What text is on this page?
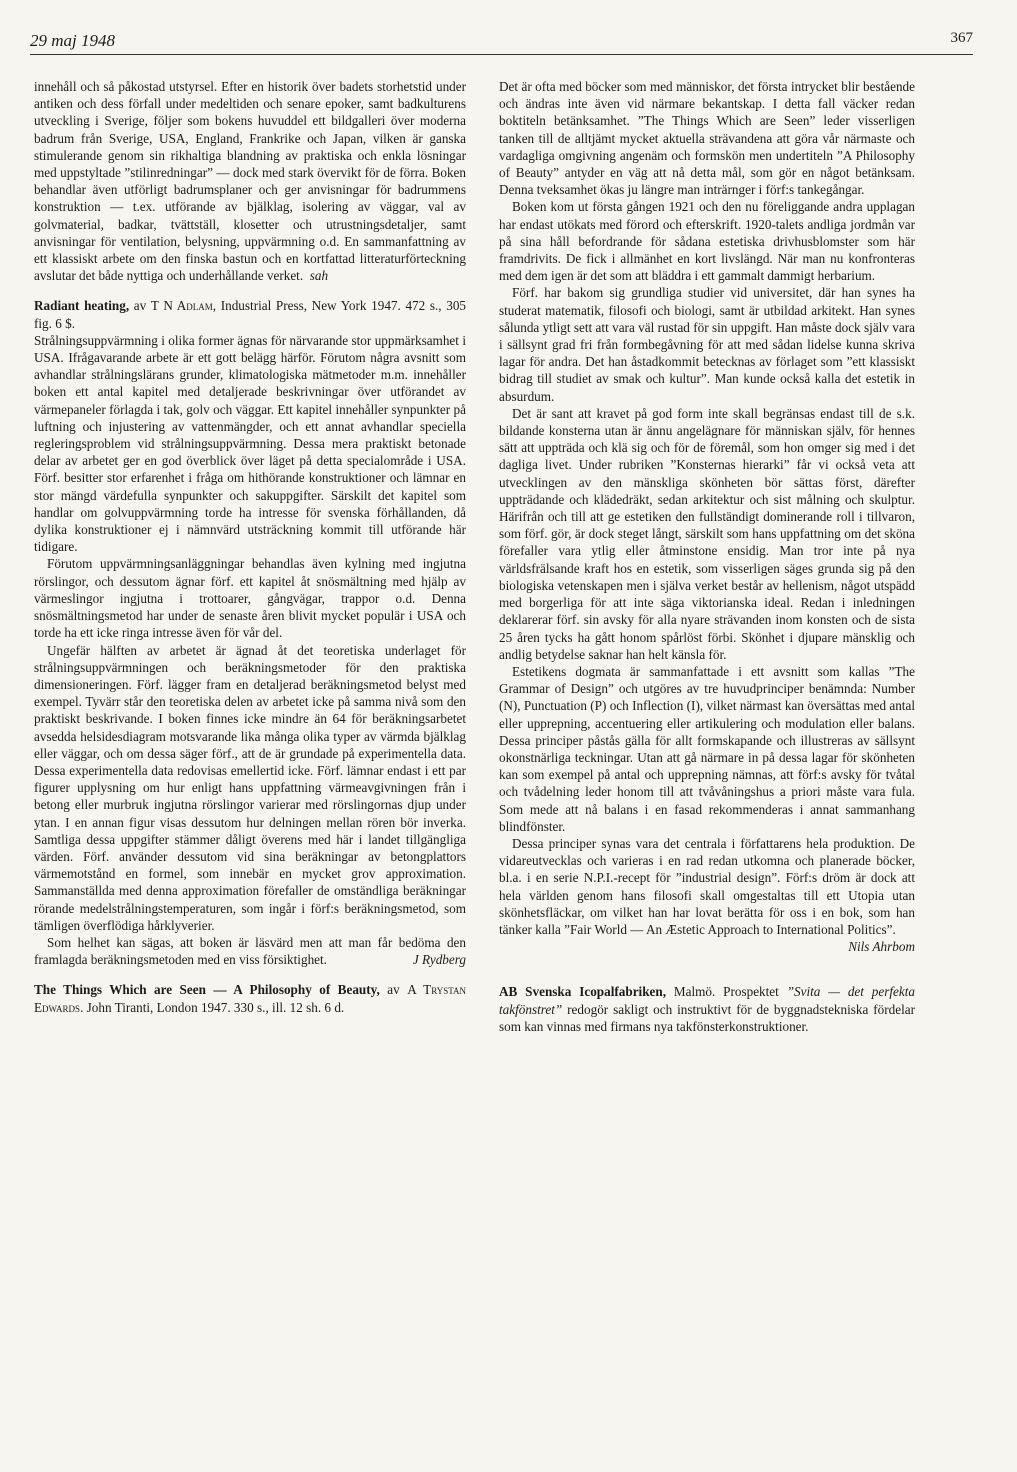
29 maj 1948	367

innehåll och så påkostad utstyrsel. Efter en historik över badets storhetstid under antiken och dess förfall under medeltiden och senare epoker, samt badkulturens utveckling i Sverige, följer som bokens huvuddel ett bildgalleri över moderna badrum från Sverige, USA, England, Frankrike och Japan, vilken är ganska stimulerande genom sin rikhaltiga blandning av praktiska och enkla lösningar med uppstyltade ”stilinredningar” — dock med stark övervikt för de förra. Boken behandlar även utförligt badrumsplaner och ger anvisningar för badrummens konstruktion — t.ex. utförande av bjälklag, isolering av väggar, val av golvmaterial, badkar, tvättställ, klosetter och utrustningsdetaljer, samt anvisningar för ventilation, belysning, uppvärmning o.d. En sammanfattning av ett klassiskt arbete om den finska bastun och en kortfattad litteraturförteckning avslutar det både nyttiga och underhållande verket. sah

Radiant heating, av T N Adlam, Industrial Press, New York 1947. 472 s., 305 fig. 6 $.

Strålningsuppvärmning i olika former ägnas för närvarande stor uppmärksamhet i USA. Ifrågavarande arbete är ett gott belägg härför. Förutom några avsnitt som avhandlar strålningslärans grunder, klimatologiska mätmetoder m.m. innehåller boken ett antal kapitel med detaljerade beskrivningar över utförandet av värmepaneler förlagda i tak, golv och väggar. Ett kapitel innehåller synpunkter på luftning och injustering av vattenmängder, och ett annat avhandlar speciella regleringsproblem vid strålningsuppvärmning. Dessa mera praktiskt betonade delar av arbetet ger en god överblick över läget på detta specialområde i USA. Förf. besitter stor erfarenhet i fråga om hithörande konstruktioner och lämnar en stor mängd värdefulla synpunkter och sakuppgifter. Särskilt det kapitel som handlar om golvuppvärmning torde ha intresse för svenska förhållanden, då dylika konstruktioner ej i nämnvärd utsträckning kommit till utförande här tidigare.

Förutom uppvärmningsanläggningar behandlas även kylning med ingjutna rörslingor, och dessutom ägnar förf. ett kapitel åt snösmältning med hjälp av värmeslingor ingjutna i trottoarer, gångvägar, trappor o.d. Denna snösmältningsmetod har under de senaste åren blivit mycket populär i USA och torde ha ett icke ringa intresse även för vår del.

Ungefär hälften av arbetet är ägnad åt det teoretiska underlaget för strålningsuppvärmningen och beräkningsmetoder för den praktiska dimensioneringen. Förf. lägger fram en detaljerad beräkningsmetod belyst med exempel. Tyvärr står den teoretiska delen av arbetet icke på samma nivå som den praktiskt beskrivande. I boken finnes icke mindre än 64 för beräkningsarbetet avsedda helsidesdiagram motsvarande lika många olika typer av värmda bjälklag eller väggar, och om dessa säger förf., att de är grundade på experimentella data. Dessa experimentella data redovisas emellertid icke. Förf. lämnar endast i ett par figurer upplysning om hur enligt hans uppfattning värmeavgivningen från i betong eller murbruk ingjutna rörslingor varierar med rörslingornas djup under ytan. I en annan figur visas dessutom hur delningen mellan rören bör inverka. Samtliga dessa uppgifter stämmer dåligt överens med här i landet tillgängliga värden. Förf. använder dessutom vid sina beräkningar av betongplattors värmemotstånd en formel, som innebär en mycket grov approximation. Sammanställda med denna approximation förefaller de omständliga beräkningar rörande medelstrålningstemperaturen, som ingår i förf:s beräkningsmetod, som tämligen överflödiga hårklyverier.

Som helhet kan sägas, att boken är läsvärd men att man får bedöma den framlagda beräkningsmetoden med en viss försiktighet.	J Rydberg

The Things Which are Seen — A Philosophy of Beauty, av A Trystan Edwards. John Tiranti, London 1947. 330 s., ill. 12 sh. 6 d.

Det är ofta med böcker som med människor, det första intrycket blir bestående och ändras inte även vid närmare bekantskap. I detta fall väcker redan boktiteln betänksamhet. ”The Things Which are Seen” leder visserligen tanken till de alltjämt mycket aktuella strävandena att göra vår närmaste och vardagliga omgivning angenäm och formskön men undertiteln ”A Philosophy of Beauty” antyder en väg att nå detta mål, som gör en något betänksam. Denna tveksamhet ökas ju längre man inträrnger i förf:s tankegångar.

Boken kom ut första gången 1921 och den nu föreliggande andra upplagan har endast utökats med förord och efterskrift. 1920-talets andliga jordmån var på sina håll befordrande för sådana estetiska drivhusblomster som här framdrivits. De fick i allmänhet en kort livslängd. När man nu konfronteras med dem igen är det som att bläddra i ett gammalt dammigt herbarium.

Förf. har bakom sig grundliga studier vid universitet, där han synes ha studerat matematik, filosofi och biologi, samt är utbildad arkitekt. Han synes sålunda ytligt sett att vara väl rustad för sin uppgift. Han måste dock själv vara i sällsynt grad fri från formbegåvning för att med sådan lidelse kunna skriva lagar för andra. Det han åstadkommit betecknas av förlaget som ”ett klassiskt bidrag till studiet av smak och kultur”. Man kunde också kalla det estetik in absurdum.

Det är sant att kravet på god form inte skall begränsas endast till de s.k. bildande konsterna utan är ännu angelägnare för människan själv, för hennes sätt att uppträda och klä sig och för de föremål, som hon omger sig med i det dagliga livet. Under rubriken ”Konsternas hierarki” får vi också veta att utvecklingen av den mänskliga skönheten bör sättas först, därefter uppträdande och klädedräkt, sedan arkitektur och sist målning och skulptur. Härifrån och till att ge estetiken den fullständigt dominerande roll i tillvaron, som förf. gör, är dock steget långt, särskilt som hans uppfattning om det sköna förefaller vara ytlig eller åtminstone ensidig. Man tror inte på nya världsfrälsande kraft hos en estetik, som visserligen säges grunda sig på den biologiska vetenskapen men i själva verket består av hellenism, något utspädd med borgerliga för att inte säga viktorianska ideal. Redan i inledningen deklarerar förf. sin avsky för alla nyare strävanden inom konsten och de sista 25 åren tycks ha gått honom spårlöst förbi. Skönhet i djupare mänsklig och andlig betydelse saknar han helt känsla för.

Estetikens dogmata är sammanfattade i ett avsnitt som kallas ”The Grammar of Design” och utgöres av tre huvudprinciper benämnda: Number (N), Punctuation (P) och Inflection (I), vilket närmast kan översättas med antal eller upprepning, accentuering eller artikulering och modulation eller balans. Dessa principer påstås gälla för allt formskapande och illustreras av sällsynt okonstnärliga teckningar. Utan att gå närmare in på dessa lagar för skönheten kan som exempel på antal och upprepning nämnas, att förf:s avsky för tvåtal och tvådelning leder honom till att tvåvåningshus a priori måste vara fula. Som mede att nå balans i en fasad rekommenderas i annat sammanhang blindfönster.

Dessa principer synas vara det centrala i författarens hela produktion. De vidareutvecklas och varieras i en rad redan utkomna och planerade böcker, bl.a. i en serie N.P.I.-recept för ”industrial design”. Förf:s dröm är dock att hela världen genom hans filosofi skall omgestaltas till ett Utopia utan skönhetsfläckar, om vilket han har lovat berätta för oss i en bok, som han tänker kalla ”Fair World — An Æstetic Approach to International Politics”.
Nils Ahrbom

AB Svenska Icopalfabriken, Malmö. Prospektet ”Svita — det perfekta takfönstret” redogör sakligt och instruktivt för de byggnadstekniska fördelar som kan vinnas med firmans nya takfönsterkonstruktioner.
